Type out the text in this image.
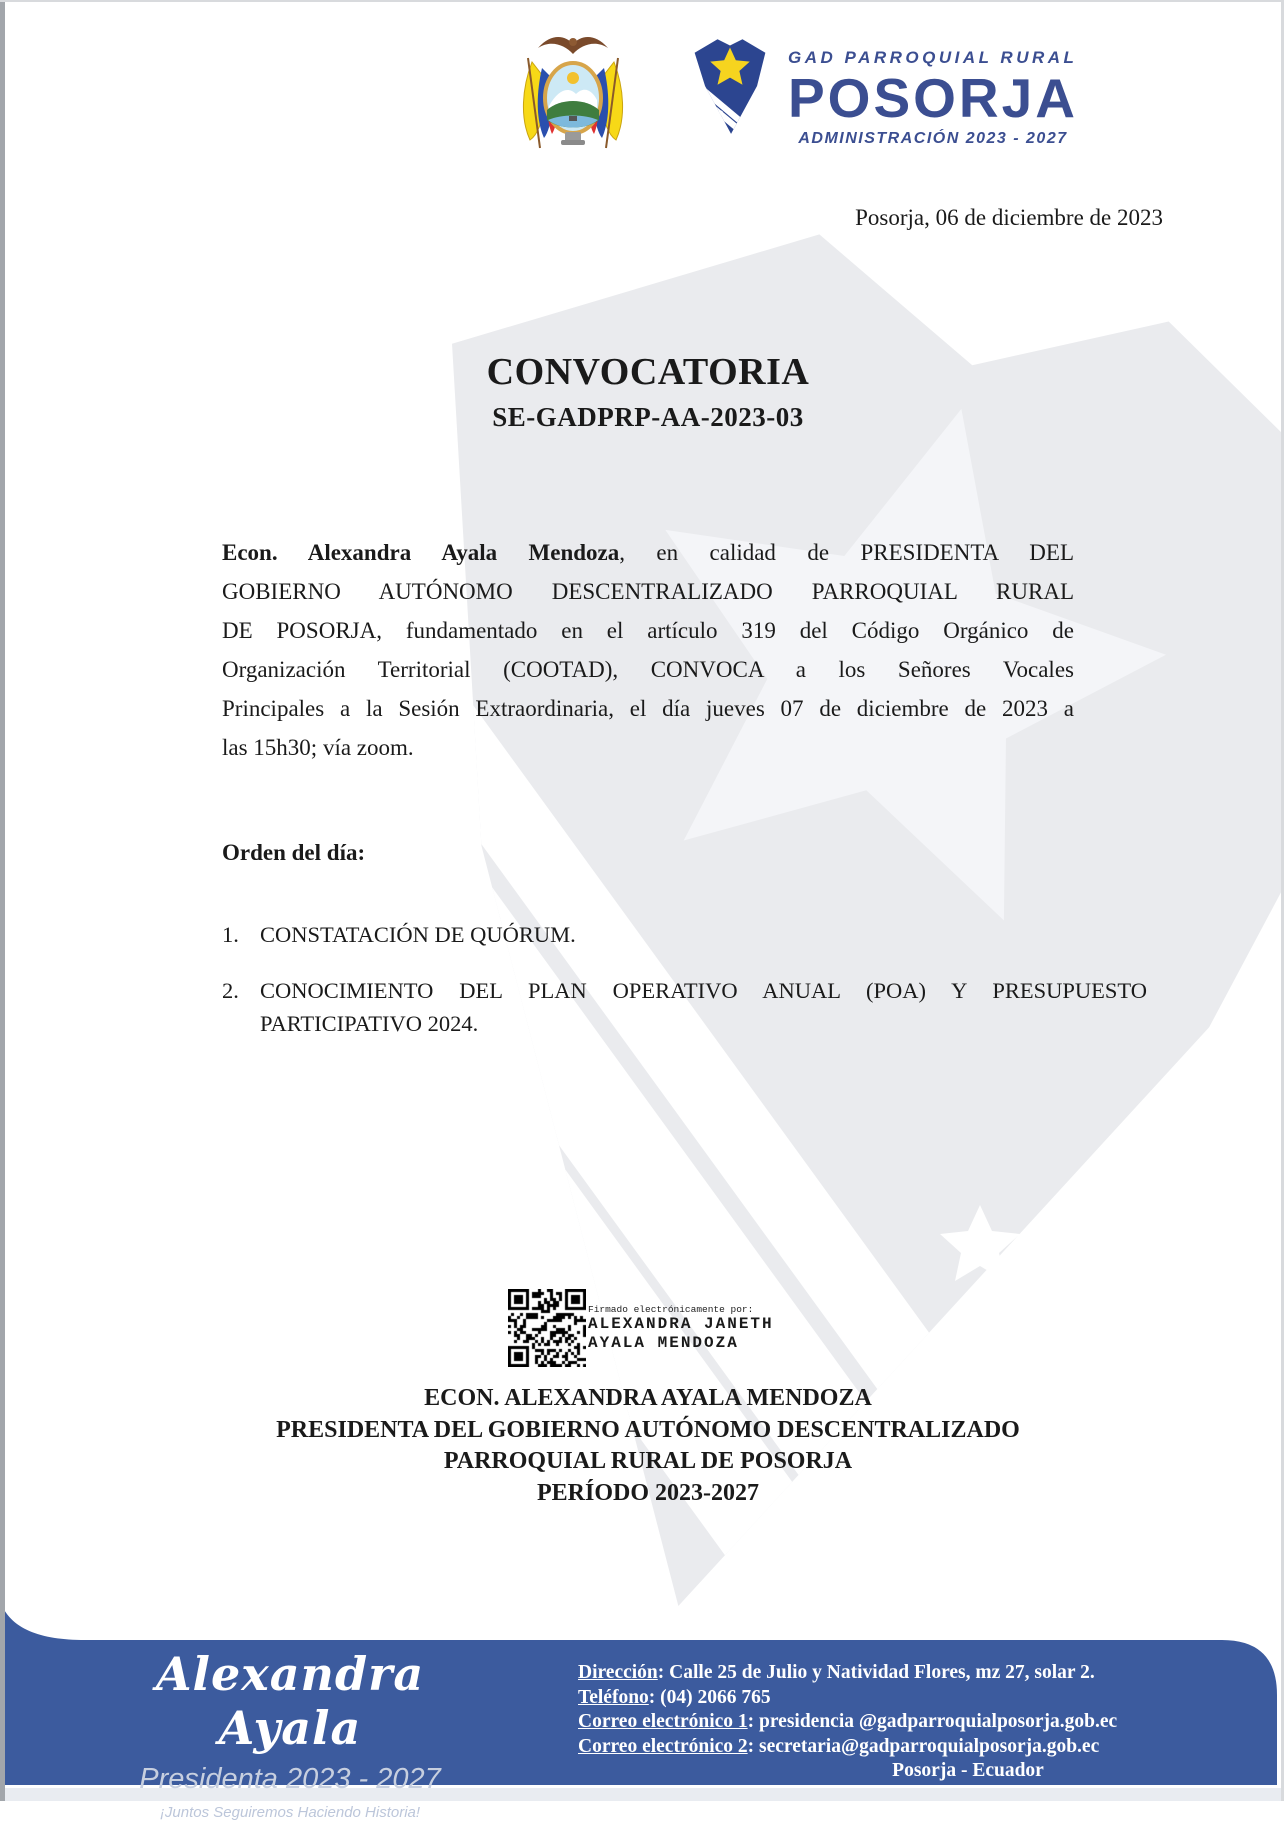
GAD PARROQUIAL RURAL
POSORJA
ADMINISTRACIÓN 2023 - 2027
Posorja, 06 de diciembre de 2023
CONVOCATORIA
SE-GADPRP-AA-2023-03
Econ. Alexandra Ayala Mendoza, en calidad de PRESIDENTA DEL
GOBIERNO AUTÓNOMO DESCENTRALIZADO PARROQUIAL RURAL
DE POSORJA, fundamentado en el artículo 319 del Código Orgánico de
Organización Territorial (COOTAD), CONVOCA a los Señores Vocales
Principales a la Sesión Extraordinaria, el día jueves 07 de diciembre de 2023 a
las 15h30; vía zoom.
Orden del día:
1. CONSTATACIÓN DE QUÓRUM.
2. CONOCIMIENTO DEL PLAN OPERATIVO ANUAL (POA) Y PRESUPUESTO PARTICIPATIVO 2024.
Firmado electrónicamente por:
ALEXANDRA JANETH
AYALA MENDOZA
ECON. ALEXANDRA AYALA MENDOZA
PRESIDENTA DEL GOBIERNO AUTÓNOMO DESCENTRALIZADO
PARROQUIAL RURAL DE POSORJA
PERÍODO 2023-2027
Alexandra Ayala
Presidenta 2023 - 2027
¡Juntos Seguiremos Haciendo Historia!
Dirección: Calle 25 de Julio y Natividad Flores, mz 27, solar 2.
Teléfono: (04) 2066 765
Correo electrónico 1: presidencia @gadparroquialposorja.gob.ec
Correo electrónico 2: secretaria@gadparroquialposorja.gob.ec
Posorja - Ecuador
